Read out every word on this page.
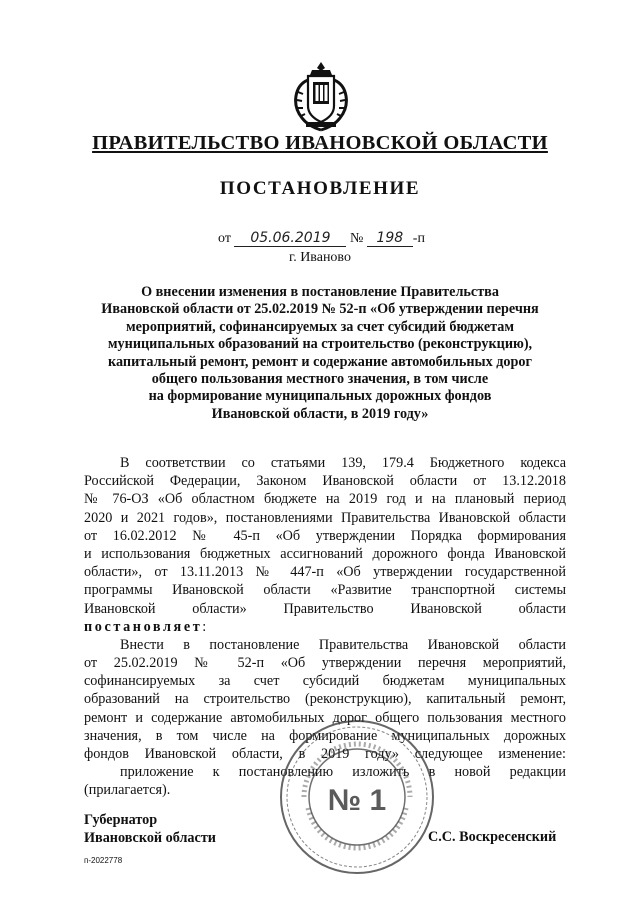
ПРАВИТЕЛЬСТВО ИВАНОВСКОЙ ОБЛАСТИ
ПОСТАНОВЛЕНИЕ
от 05.06.2019 № 198 -п
г. Иваново
О внесении изменения в постановление Правительства
Ивановской области от 25.02.2019 № 52-п «Об утверждении перечня
мероприятий, софинансируемых за счет субсидий бюджетам
муниципальных образований на строительство (реконструкцию),
капитальный ремонт, ремонт и содержание автомобильных дорог
общего пользования местного значения, в том числе
на формирование муниципальных дорожных фондов
Ивановской области, в 2019 году»
В соответствии со статьями 139, 179.4 Бюджетного кодекса
Российской Федерации, Законом Ивановской области от 13.12.2018
№ 76-ОЗ «Об областном бюджете на 2019 год и на плановый период
2020 и 2021 годов», постановлениями Правительства Ивановской области
от 16.02.2012 № 45-п «Об утверждении Порядка формирования
и использования бюджетных ассигнований дорожного фонда Ивановской
области», от 13.11.2013 № 447-п «Об утверждении государственной
программы Ивановской области «Развитие транспортной системы
Ивановской области» Правительство Ивановской области
постановляет:
Внести в постановление Правительства Ивановской области
от 25.02.2019 № 52-п «Об утверждении перечня мероприятий,
софинансируемых за счет субсидий бюджетам муниципальных
образований на строительство (реконструкцию), капитальный ремонт,
ремонт и содержание автомобильных дорог общего пользования местного
значения, в том числе на формирование муниципальных дорожных
фондов Ивановской области, в 2019 году» следующее изменение:
приложение к постановлению изложить в новой редакции
(прилагается).
Губернатор
Ивановской области	С.С. Воскресенский
п-2022778
№ 1
